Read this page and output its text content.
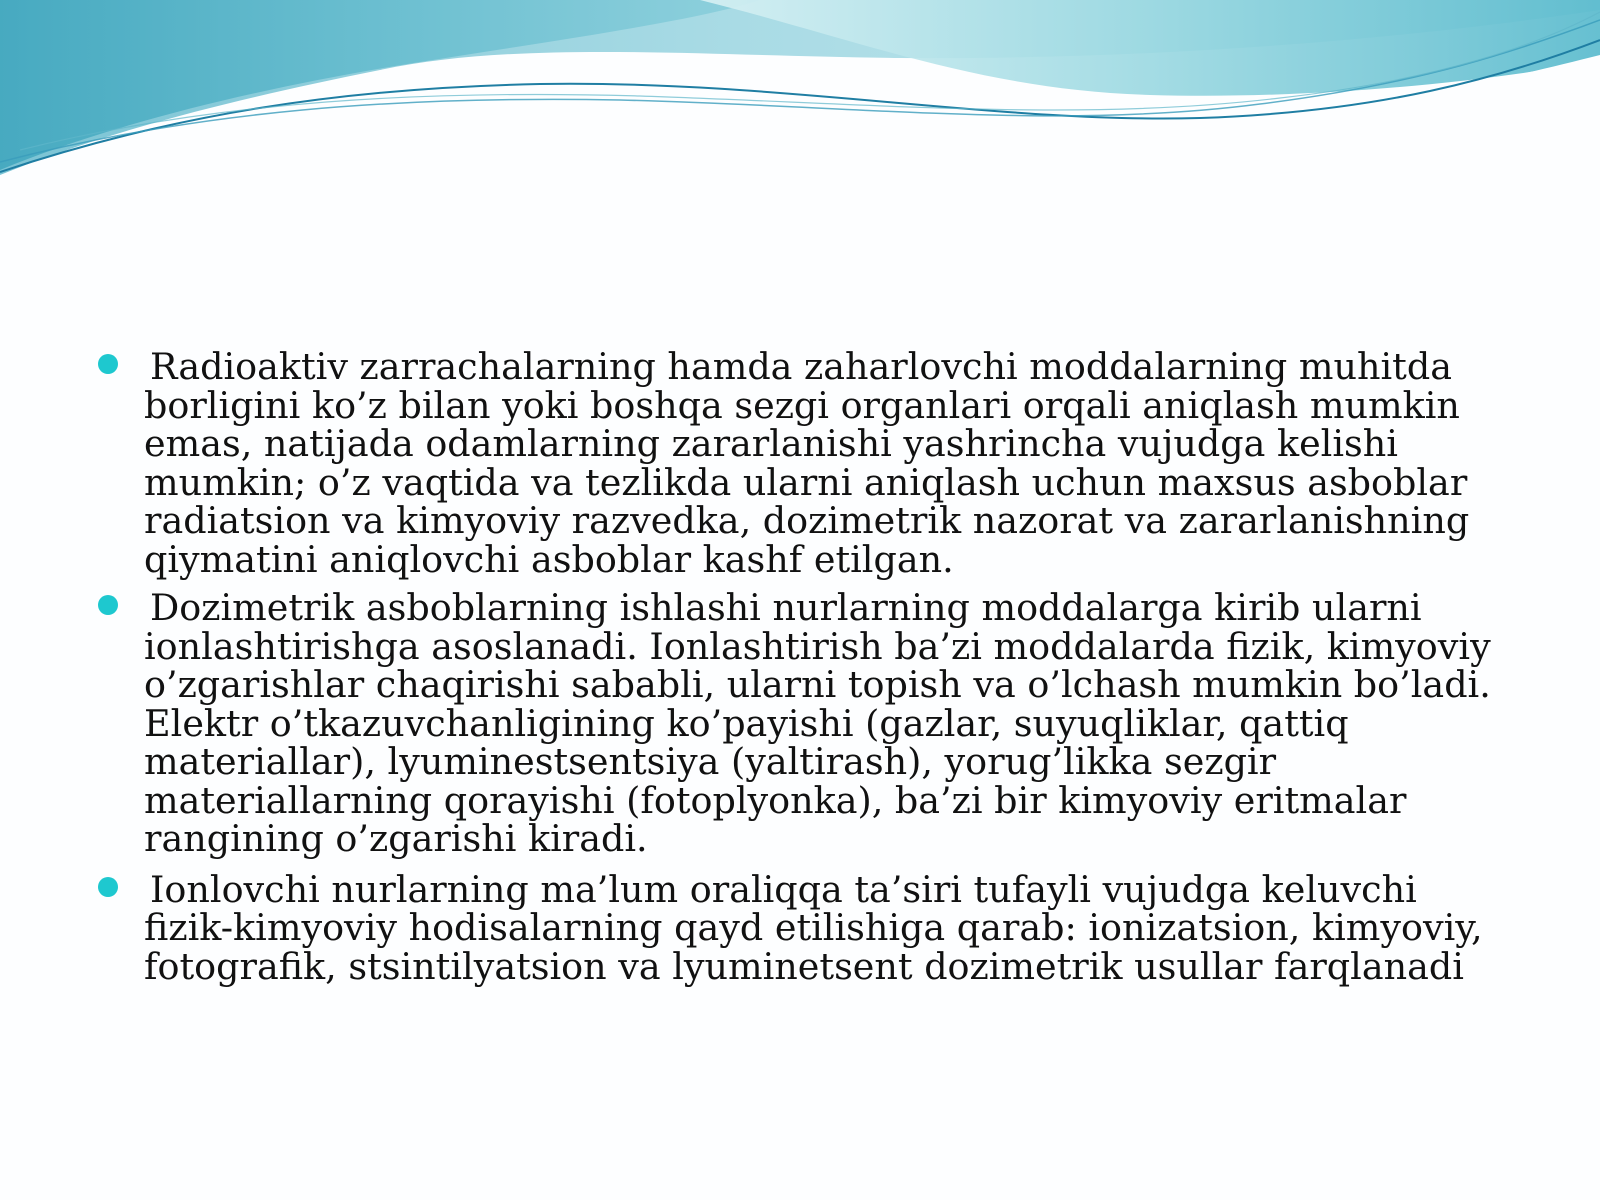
Radioaktiv zarrachalarning hamda zaharlovchi moddalarning muhitda borligini ko’z bilan yoki boshqa sezgi organlari orqali aniqlash mumkin emas, natijada odamlarning zararlanishi yashrincha vujudga kelishi mumkin; o’z vaqtida va tezlikda ularni aniqlash uchun maxsus asboblar radiatsion va kimyoviy razvedka, dozimetrik nazorat va zararlanishning qiymatini aniqlovchi asboblar kashf etilgan.
Dozimetrik asboblarning ishlashi nurlarning moddalarga kirib ularni ionlashtirishga asoslanadi. Ionlashtirish ba’zi moddalarda fizik, kimyoviy o’zgarishlar chaqirishi sababli, ularni topish va o’lchash mumkin bo’ladi. Elektr o’tkazuvchanligining ko’payishi (gazlar, suyuqliklar, qattiq materiallar), lyuminestsentsiya (yaltirash), yorug’likka sezgir materiallarning qorayishi (fotoplyonka), ba’zi bir kimyoviy eritmalar rangining o’zgarishi kiradi.
Ionlovchi nurlarning ma’lum oraliqqa ta’siri tufayli vujudga keluvchi fizik-kimyoviy hodisalarning qayd etilishiga qarab: ionizatsion, kimyoviy, fotografik, stsintilyatsion va lyuminetsent dozimetrik usullar farqlanadi
